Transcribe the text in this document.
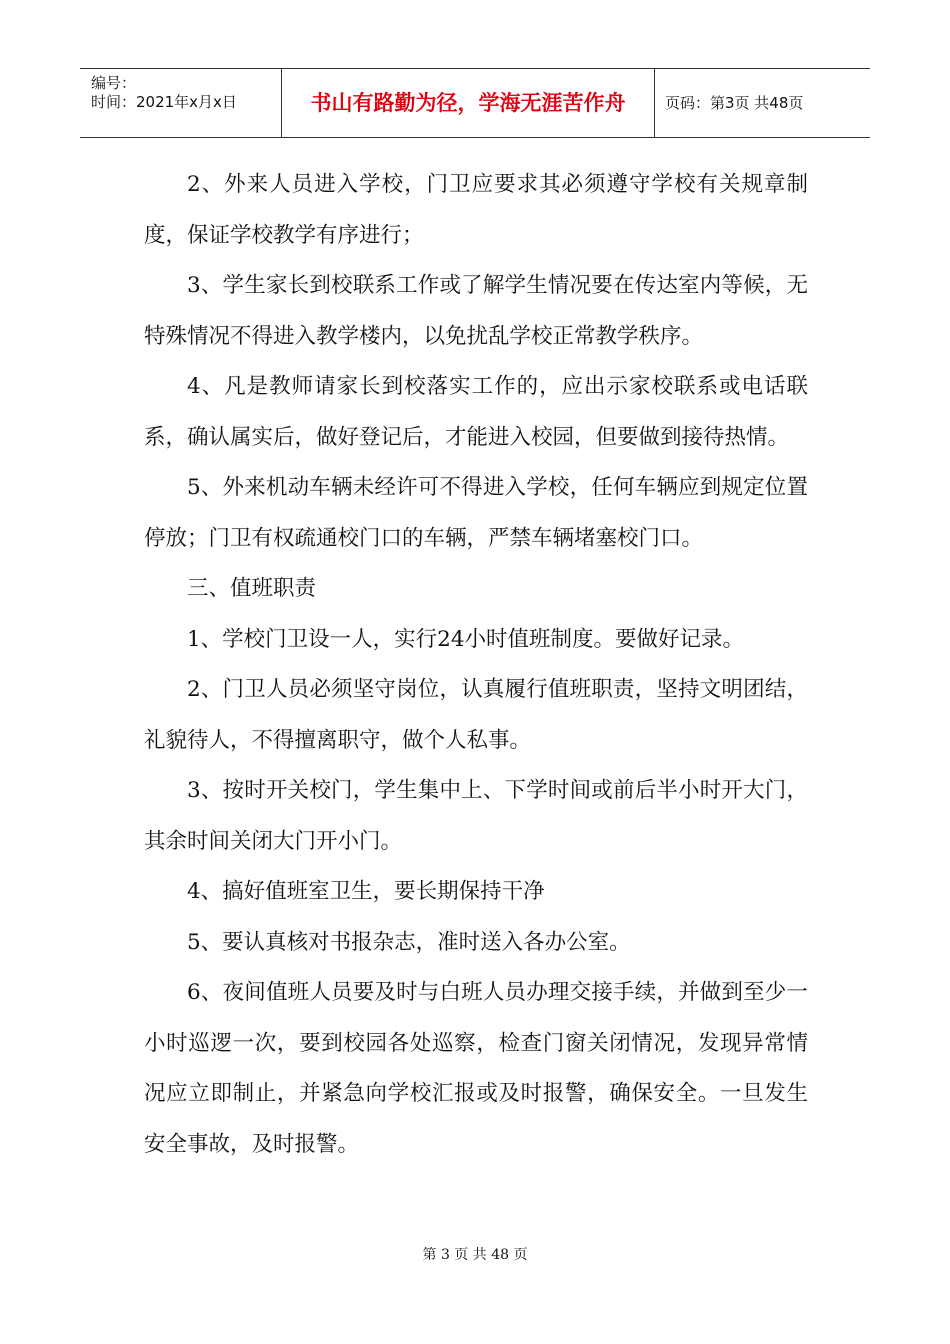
编号：
时间：2021年x月x日	书山有路勤为径，学海无涯苦作舟	页码：第3页 共48页

2、外来人员进入学校，门卫应要求其必须遵守学校有关规章制度，保证学校教学有序进行；

3、学生家长到校联系工作或了解学生情况要在传达室内等候，无特殊情况不得进入教学楼内，以免扰乱学校正常教学秩序。

4、凡是教师请家长到校落实工作的，应出示家校联系或电话联系，确认属实后，做好登记后，才能进入校园，但要做到接待热情。

5、外来机动车辆未经许可不得进入学校，任何车辆应到规定位置停放；门卫有权疏通校门口的车辆，严禁车辆堵塞校门口。

三、值班职责

1、学校门卫设一人，实行24小时值班制度。要做好记录。

2、门卫人员必须坚守岗位，认真履行值班职责，坚持文明团结，礼貌待人，不得擅离职守，做个人私事。

3、按时开关校门，学生集中上、下学时间或前后半小时开大门，其余时间关闭大门开小门。

4、搞好值班室卫生，要长期保持干净

5、要认真核对书报杂志，准时送入各办公室。

6、夜间值班人员要及时与白班人员办理交接手续，并做到至少一小时巡逻一次，要到校园各处巡察，检查门窗关闭情况，发现异常情况应立即制止，并紧急向学校汇报或及时报警，确保安全。一旦发生安全事故，及时报警。

第 3 页 共 48 页
